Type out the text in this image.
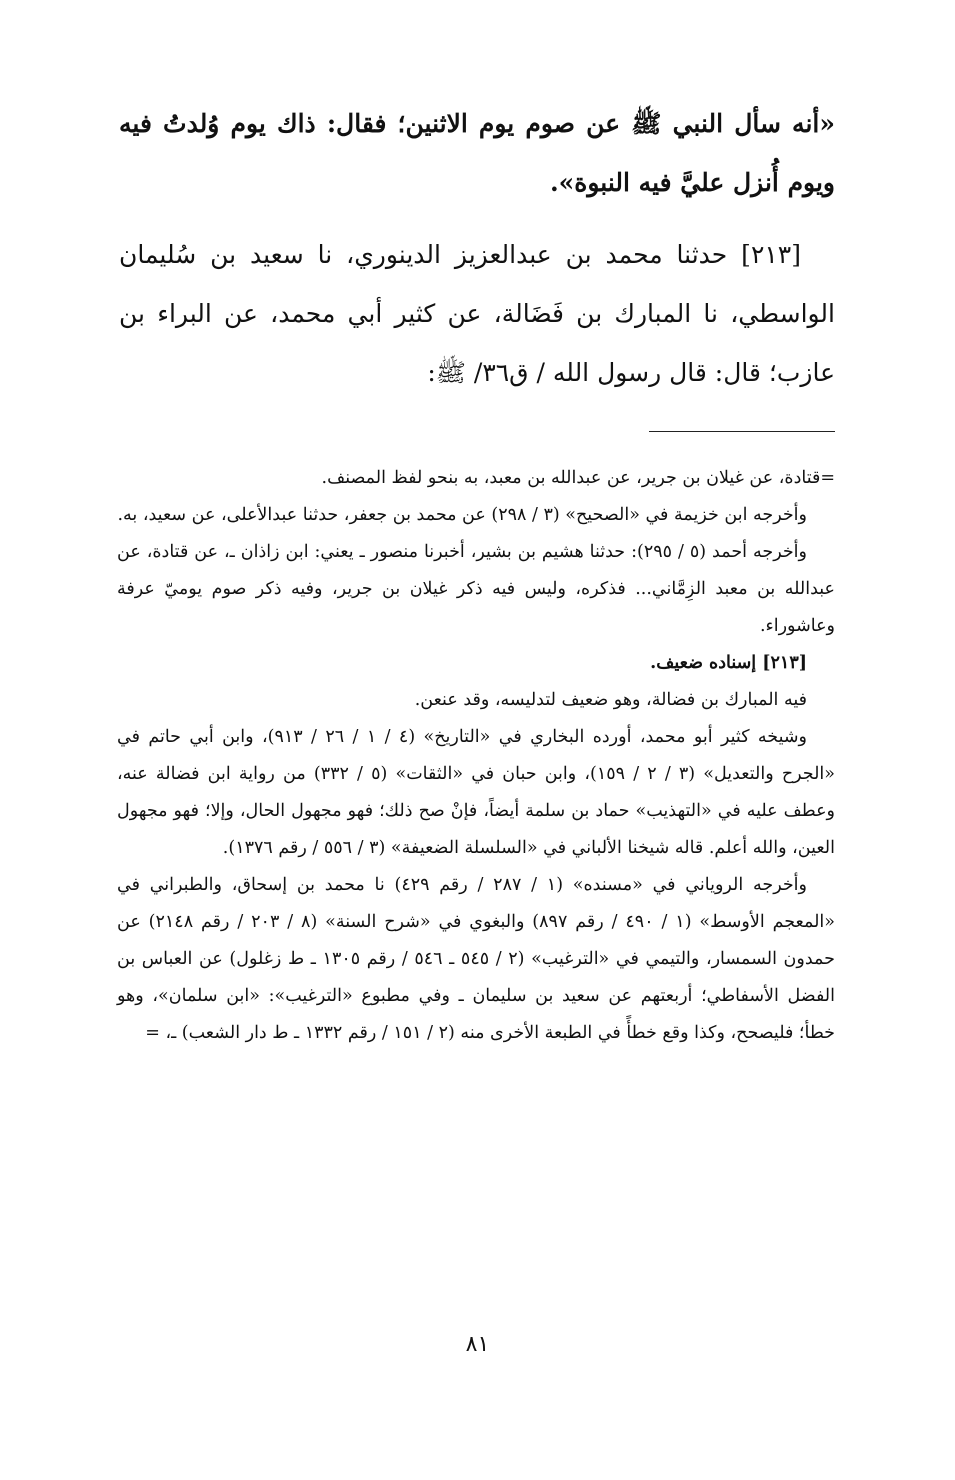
«أنه سأل النبي ﷺ عن صوم يوم الاثنين؛ فقال: ذاك يوم وُلدتُ فيه ويوم أُنزل عليَّ فيه النبوة».

[٢١٣] حدثنا محمد بن عبدالعزيز الدينوري، نا سعيد بن سُليمان الواسطي، نا المبارك بن فَضَالة، عن كثير أبي محمد، عن البراء بن عازب؛ قال: قال رسول الله / ق٣٦/ ﷺ:

=قتادة، عن غيلان بن جرير، عن عبدالله بن معبد، به بنحو لفظ المصنف.

وأخرجه ابن خزيمة في «الصحيح» (٣ / ٢٩٨) عن محمد بن جعفر، حدثنا عبدالأعلى، عن سعيد، به.

وأخرجه أحمد (٥ / ٢٩٥): حدثنا هشيم بن بشير، أخبرنا منصور ـ يعني: ابن زاذان ـ، عن قتادة، عن عبدالله بن معبد الزِمَّاني... فذكره، وليس فيه ذكر غيلان بن جرير، وفيه ذكر صوم يوميّ عرفة وعاشوراء.

[٢١٣] إسناده ضعيف.

فيه المبارك بن فضالة، وهو ضعيف لتدليسه، وقد عنعن.

وشيخه كثير أبو محمد، أورده البخاري في «التاريخ» (٤ / ١ / ٢٦ / ٩١٣)، وابن أبي حاتم في «الجرح والتعديل» (٣ / ٢ / ١٥٩)، وابن حبان في «الثقات» (٥ / ٣٣٢) من رواية ابن فضالة عنه، وعطف عليه في «التهذيب» حماد بن سلمة أيضاً، فإنْ صح ذلك؛ فهو مجهول الحال، وإلا؛ فهو مجهول العين، والله أعلم. قاله شيخنا الألباني في «السلسلة الضعيفة» (٣ / ٥٥٦ / رقم ١٣٧٦).

وأخرجه الروياني في «مسنده» (١ / ٢٨٧ / رقم ٤٢٩) نا محمد بن إسحاق، والطبراني في «المعجم الأوسط» (١ / ٤٩٠ / رقم ٨٩٧) والبغوي في «شرح السنة» (٨ / ٢٠٣ / رقم ٢١٤٨) عن حمدون السمسار، والتيمي في «الترغيب» (٢ / ٥٤٥ ـ ٥٤٦ / رقم ١٣٠٥ ـ ط زغلول) عن العباس بن الفضل الأسفاطي؛ أربعتهم عن سعيد بن سليمان ـ وفي مطبوع «الترغيب»: «ابن سلمان»، وهو خطأ؛ فليصحح، وكذا وقع خطأً في الطبعة الأخرى منه (٢ / ١٥١ / رقم ١٣٣٢ ـ ط دار الشعب) ـ، =

٨١
